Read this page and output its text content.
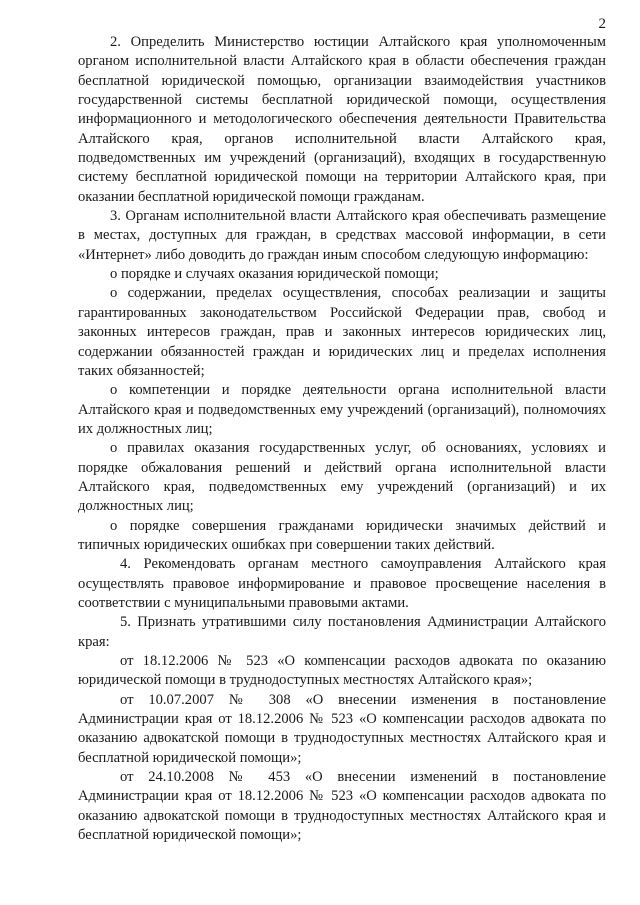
2

2. Определить Министерство юстиции Алтайского края уполномоченным органом исполнительной власти Алтайского края в области обеспечения граждан бесплатной юридической помощью, организации взаимодействия участников государственной системы бесплатной юридической помощи, осуществления информационного и методологического обеспечения деятельности Правительства Алтайского края, органов исполнительной власти Алтайского края, подведомственных им учреждений (организаций), входящих в государственную систему бесплатной юридической помощи на территории Алтайского края, при оказании бесплатной юридической помощи гражданам.

3. Органам исполнительной власти Алтайского края обеспечивать размещение в местах, доступных для граждан, в средствах массовой информации, в сети «Интернет» либо доводить до граждан иным способом следующую информацию:

о порядке и случаях оказания юридической помощи;

о содержании, пределах осуществления, способах реализации и защиты гарантированных законодательством Российской Федерации прав, свобод и законных интересов граждан, прав и законных интересов юридических лиц, содержании обязанностей граждан и юридических лиц и пределах исполнения таких обязанностей;

о компетенции и порядке деятельности органа исполнительной власти Алтайского края и подведомственных ему учреждений (организаций), полномочиях их должностных лиц;

о правилах оказания государственных услуг, об основаниях, условиях и порядке обжалования решений и действий органа исполнительной власти Алтайского края, подведомственных ему учреждений (организаций) и их должностных лиц;

о порядке совершения гражданами юридически значимых действий и типичных юридических ошибках при совершении таких действий.

4. Рекомендовать органам местного самоуправления Алтайского края осуществлять правовое информирование и правовое просвещение населения в соответствии с муниципальными правовыми актами.

5. Признать утратившими силу постановления Администрации Алтайского края:

от 18.12.2006 № 523 «О компенсации расходов адвоката по оказанию юридической помощи в труднодоступных местностях Алтайского края»;

от 10.07.2007 № 308 «О внесении изменения в постановление Администрации края от 18.12.2006 № 523 «О компенсации расходов адвоката по оказанию адвокатской помощи в труднодоступных местностях Алтайского края и бесплатной юридической помощи»;

от 24.10.2008 № 453 «О внесении изменений в постановление Администрации края от 18.12.2006 № 523 «О компенсации расходов адвоката по оказанию адвокатской помощи в труднодоступных местностях Алтайского края и бесплатной юридической помощи»;
